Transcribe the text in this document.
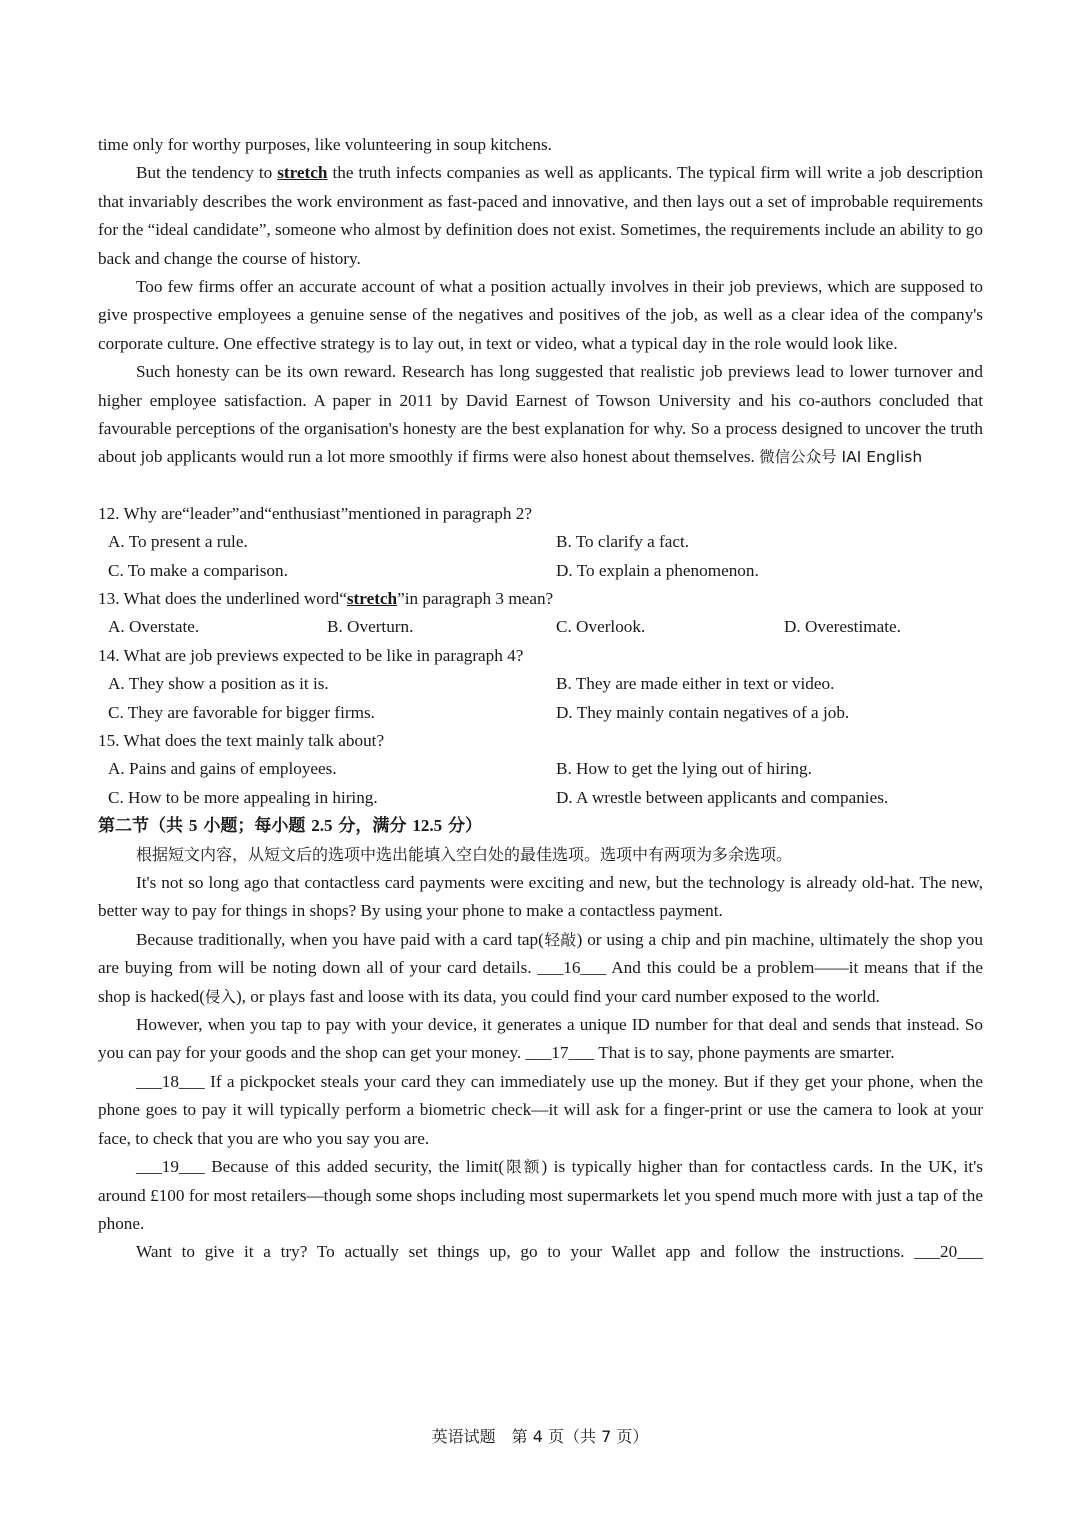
time only for worthy purposes, like volunteering in soup kitchens.

But the tendency to stretch the truth infects companies as well as applicants. The typical firm will write a job description that invariably describes the work environment as fast-paced and innovative, and then lays out a set of improbable requirements for the “ideal candidate”, someone who almost by definition does not exist. Sometimes, the requirements include an ability to go back and change the course of history.

Too few firms offer an accurate account of what a position actually involves in their job previews, which are supposed to give prospective employees a genuine sense of the negatives and positives of the job, as well as a clear idea of the company's corporate culture. One effective strategy is to lay out, in text or video, what a typical day in the role would look like.

Such honesty can be its own reward. Research has long suggested that realistic job previews lead to lower turnover and higher employee satisfaction. A paper in 2011 by David Earnest of Towson University and his co-authors concluded that favourable perceptions of the organisation's honesty are the best explanation for why. So a process designed to uncover the truth about job applicants would run a lot more smoothly if firms were also honest about themselves. 微信公众号 IAI English

12. Why are“leader”and“enthusiast”mentioned in paragraph 2?

A. To present a rule.	B. To clarify a fact.
C. To make a comparison.	D. To explain a phenomenon.

13. What does the underlined word“stretch”in paragraph 3 mean?

A. Overstate.	B. Overturn.	C. Overlook.	D. Overestimate.

14. What are job previews expected to be like in paragraph 4?

A. They show a position as it is.	B. They are made either in text or video.
C. They are favorable for bigger firms.	D. They mainly contain negatives of a job.

15. What does the text mainly talk about?

A. Pains and gains of employees.	B. How to get the lying out of hiring.
C. How to be more appealing in hiring.	D. A wrestle between applicants and companies.

第二节（共 5 小题；每小题 2.5 分，满分 12.5 分）

根据短文内容，从短文后的选项中选出能填入空白处的最佳选项。选项中有两项为多余选项。

It's not so long ago that contactless card payments were exciting and new, but the technology is already old-hat. The new, better way to pay for things in shops? By using your phone to make a contactless payment.

Because traditionally, when you have paid with a card tap(轻敲) or using a chip and pin machine, ultimately the shop you are buying from will be noting down all of your card details. ___16___ And this could be a problem——it means that if the shop is hacked(侵入), or plays fast and loose with its data, you could find your card number exposed to the world.

However, when you tap to pay with your device, it generates a unique ID number for that deal and sends that instead. So you can pay for your goods and the shop can get your money. ___17___ That is to say, phone payments are smarter.

___18___ If a pickpocket steals your card they can immediately use up the money. But if they get your phone, when the phone goes to pay it will typically perform a biometric check—it will ask for a finger-print or use the camera to look at your face, to check that you are who you say you are.

___19___ Because of this added security, the limit(限额) is typically higher than for contactless cards. In the UK, it's around £100 for most retailers—though some shops including most supermarkets let you spend much more with just a tap of the phone.

Want to give it a try? To actually set things up, go to your Wallet app and follow the instructions. ___20___

英语试题　第 4 页（共 7 页）
